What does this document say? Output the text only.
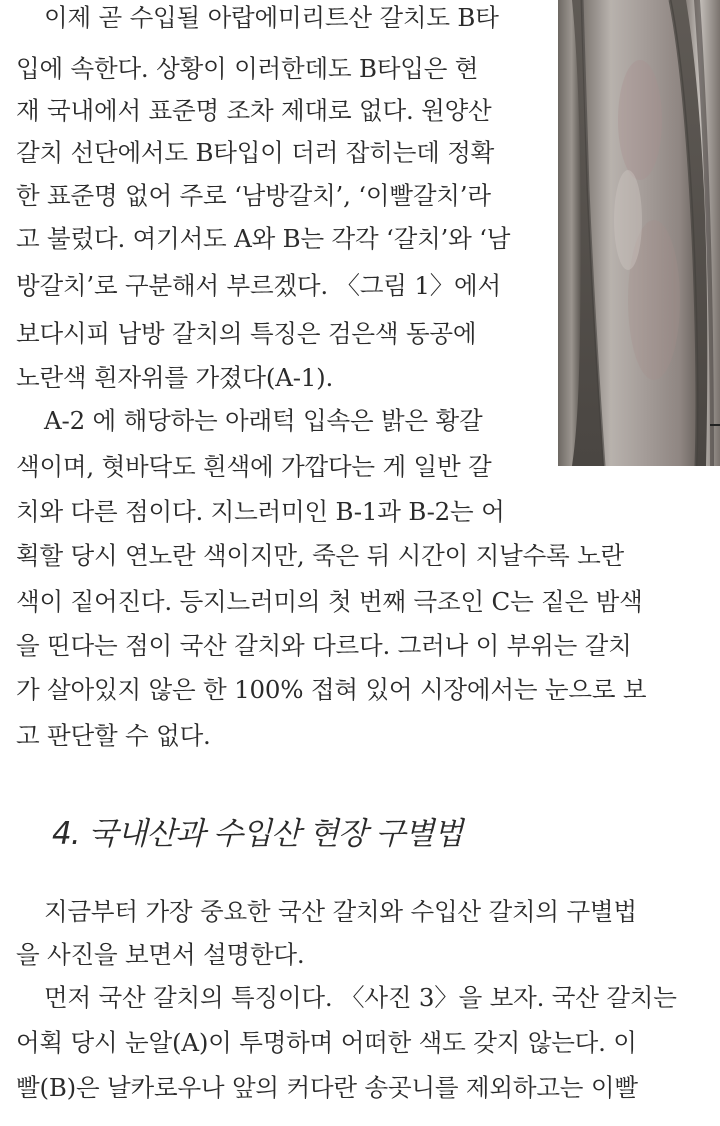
이제 곧 수입될 아랍에미리트산 갈치도 B타
입에 속한다. 상황이 이러한데도 B타입은 현
재 국내에서 표준명 조차 제대로 없다. 원양산
갈치 선단에서도 B타입이 더러 잡히는데 정확
한 표준명 없어 주로 ‘남방갈치’, ‘이빨갈치’라
고 불렀다. 여기서도 A와 B는 각각 ‘갈치’와 ‘남
방갈치’로 구분해서 부르겠다. 〈그림 1〉에서
보다시피 남방 갈치의 특징은 검은색 동공에
노란색 흰자위를 가졌다(A-1).
A-2 에 해당하는 아래턱 입속은 밝은 황갈
색이며, 혓바닥도 흰색에 가깝다는 게 일반 갈
치와 다른 점이다. 지느러미인 B-1과 B-2는 어
획할 당시 연노란 색이지만, 죽은 뒤 시간이 지날수록 노란
색이 짙어진다. 등지느러미의 첫 번째 극조인 C는 짙은 밤색
을 띤다는 점이 국산 갈치와 다르다. 그러나 이 부위는 갈치
가 살아있지 않은 한 100% 접혀 있어 시장에서는 눈으로 보
고 판단할 수 없다.
4. 국내산과 수입산 현장 구별법
지금부터 가장 중요한 국산 갈치와 수입산 갈치의 구별법
을 사진을 보면서 설명한다.
먼저 국산 갈치의 특징이다. 〈사진 3〉을 보자. 국산 갈치는
어획 당시 눈알(A)이 투명하며 어떠한 색도 갖지 않는다. 이
빨(B)은 날카로우나 앞의 커다란 송곳니를 제외하고는 이빨
